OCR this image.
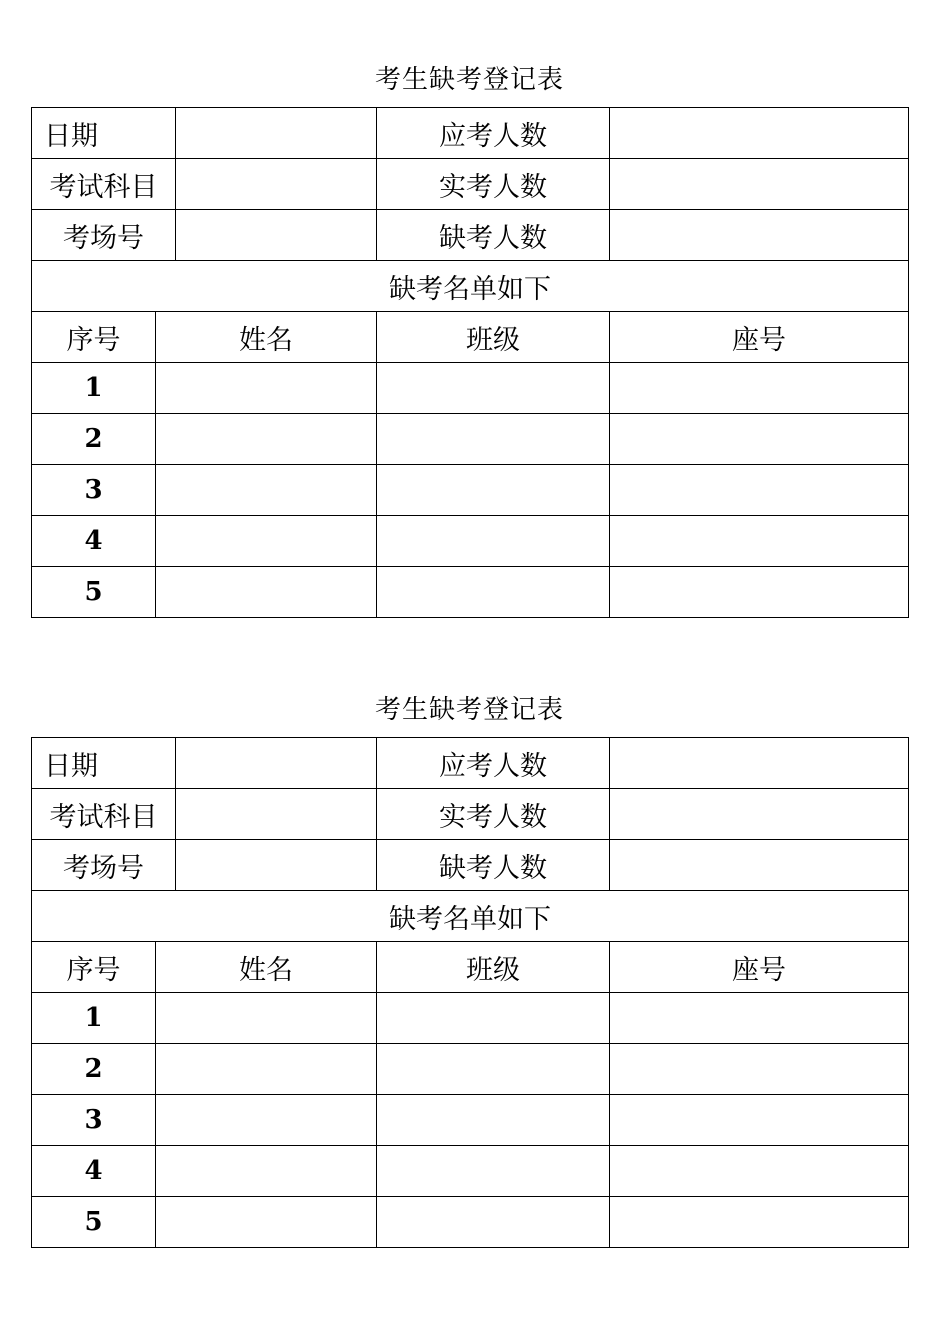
考生缺考登记表
日期			应考人数	
考试科目			实考人数	
考场号			缺考人数	
缺考名单如下				
序号	姓名		班级	座号
1				
2				
3				
4				
5				
考生缺考登记表
日期			应考人数	
考试科目			实考人数	
考场号			缺考人数	
缺考名单如下				
序号	姓名		班级	座号
1				
2				
3				
4				
5				
